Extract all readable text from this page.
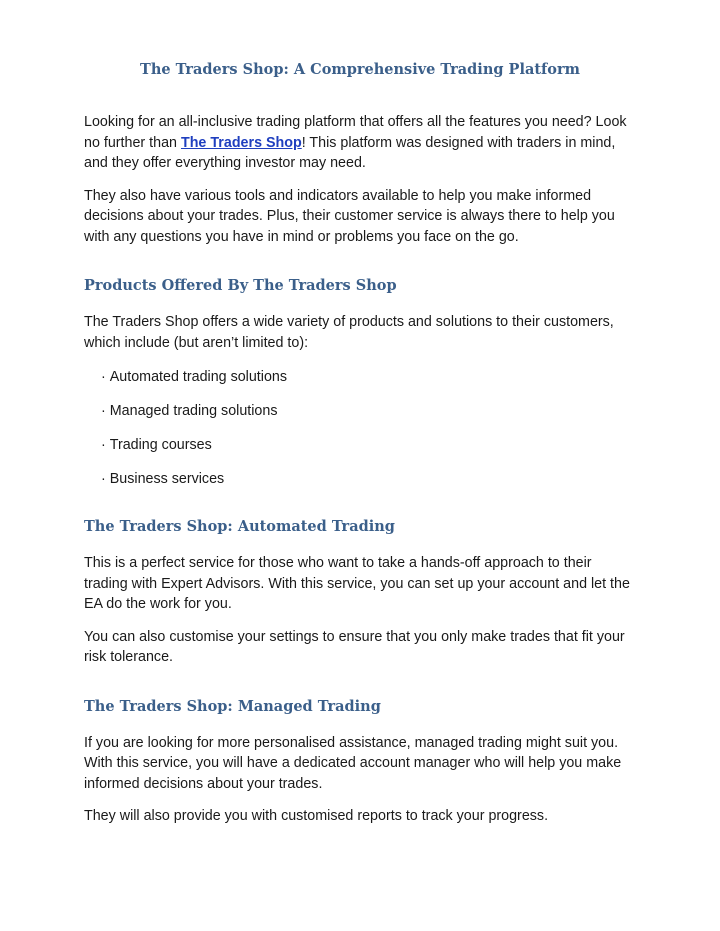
The Traders Shop: A Comprehensive Trading Platform

Looking for an all-inclusive trading platform that offers all the features you need? Look no further than The Traders Shop! This platform was designed with traders in mind, and they offer everything investor may need.

They also have various tools and indicators available to help you make informed decisions about your trades. Plus, their customer service is always there to help you with any questions you have in mind or problems you face on the go.

Products Offered By The Traders Shop

The Traders Shop offers a wide variety of products and solutions to their customers, which include (but aren’t limited to):

· Automated trading solutions
· Managed trading solutions
· Trading courses
· Business services
The Traders Shop: Automated Trading

This is a perfect service for those who want to take a hands-off approach to their trading with Expert Advisors. With this service, you can set up your account and let the EA do the work for you.

You can also customise your settings to ensure that you only make trades that fit your risk tolerance.

The Traders Shop: Managed Trading

If you are looking for more personalised assistance, managed trading might suit you. With this service, you will have a dedicated account manager who will help you make informed decisions about your trades.

They will also provide you with customised reports to track your progress.
